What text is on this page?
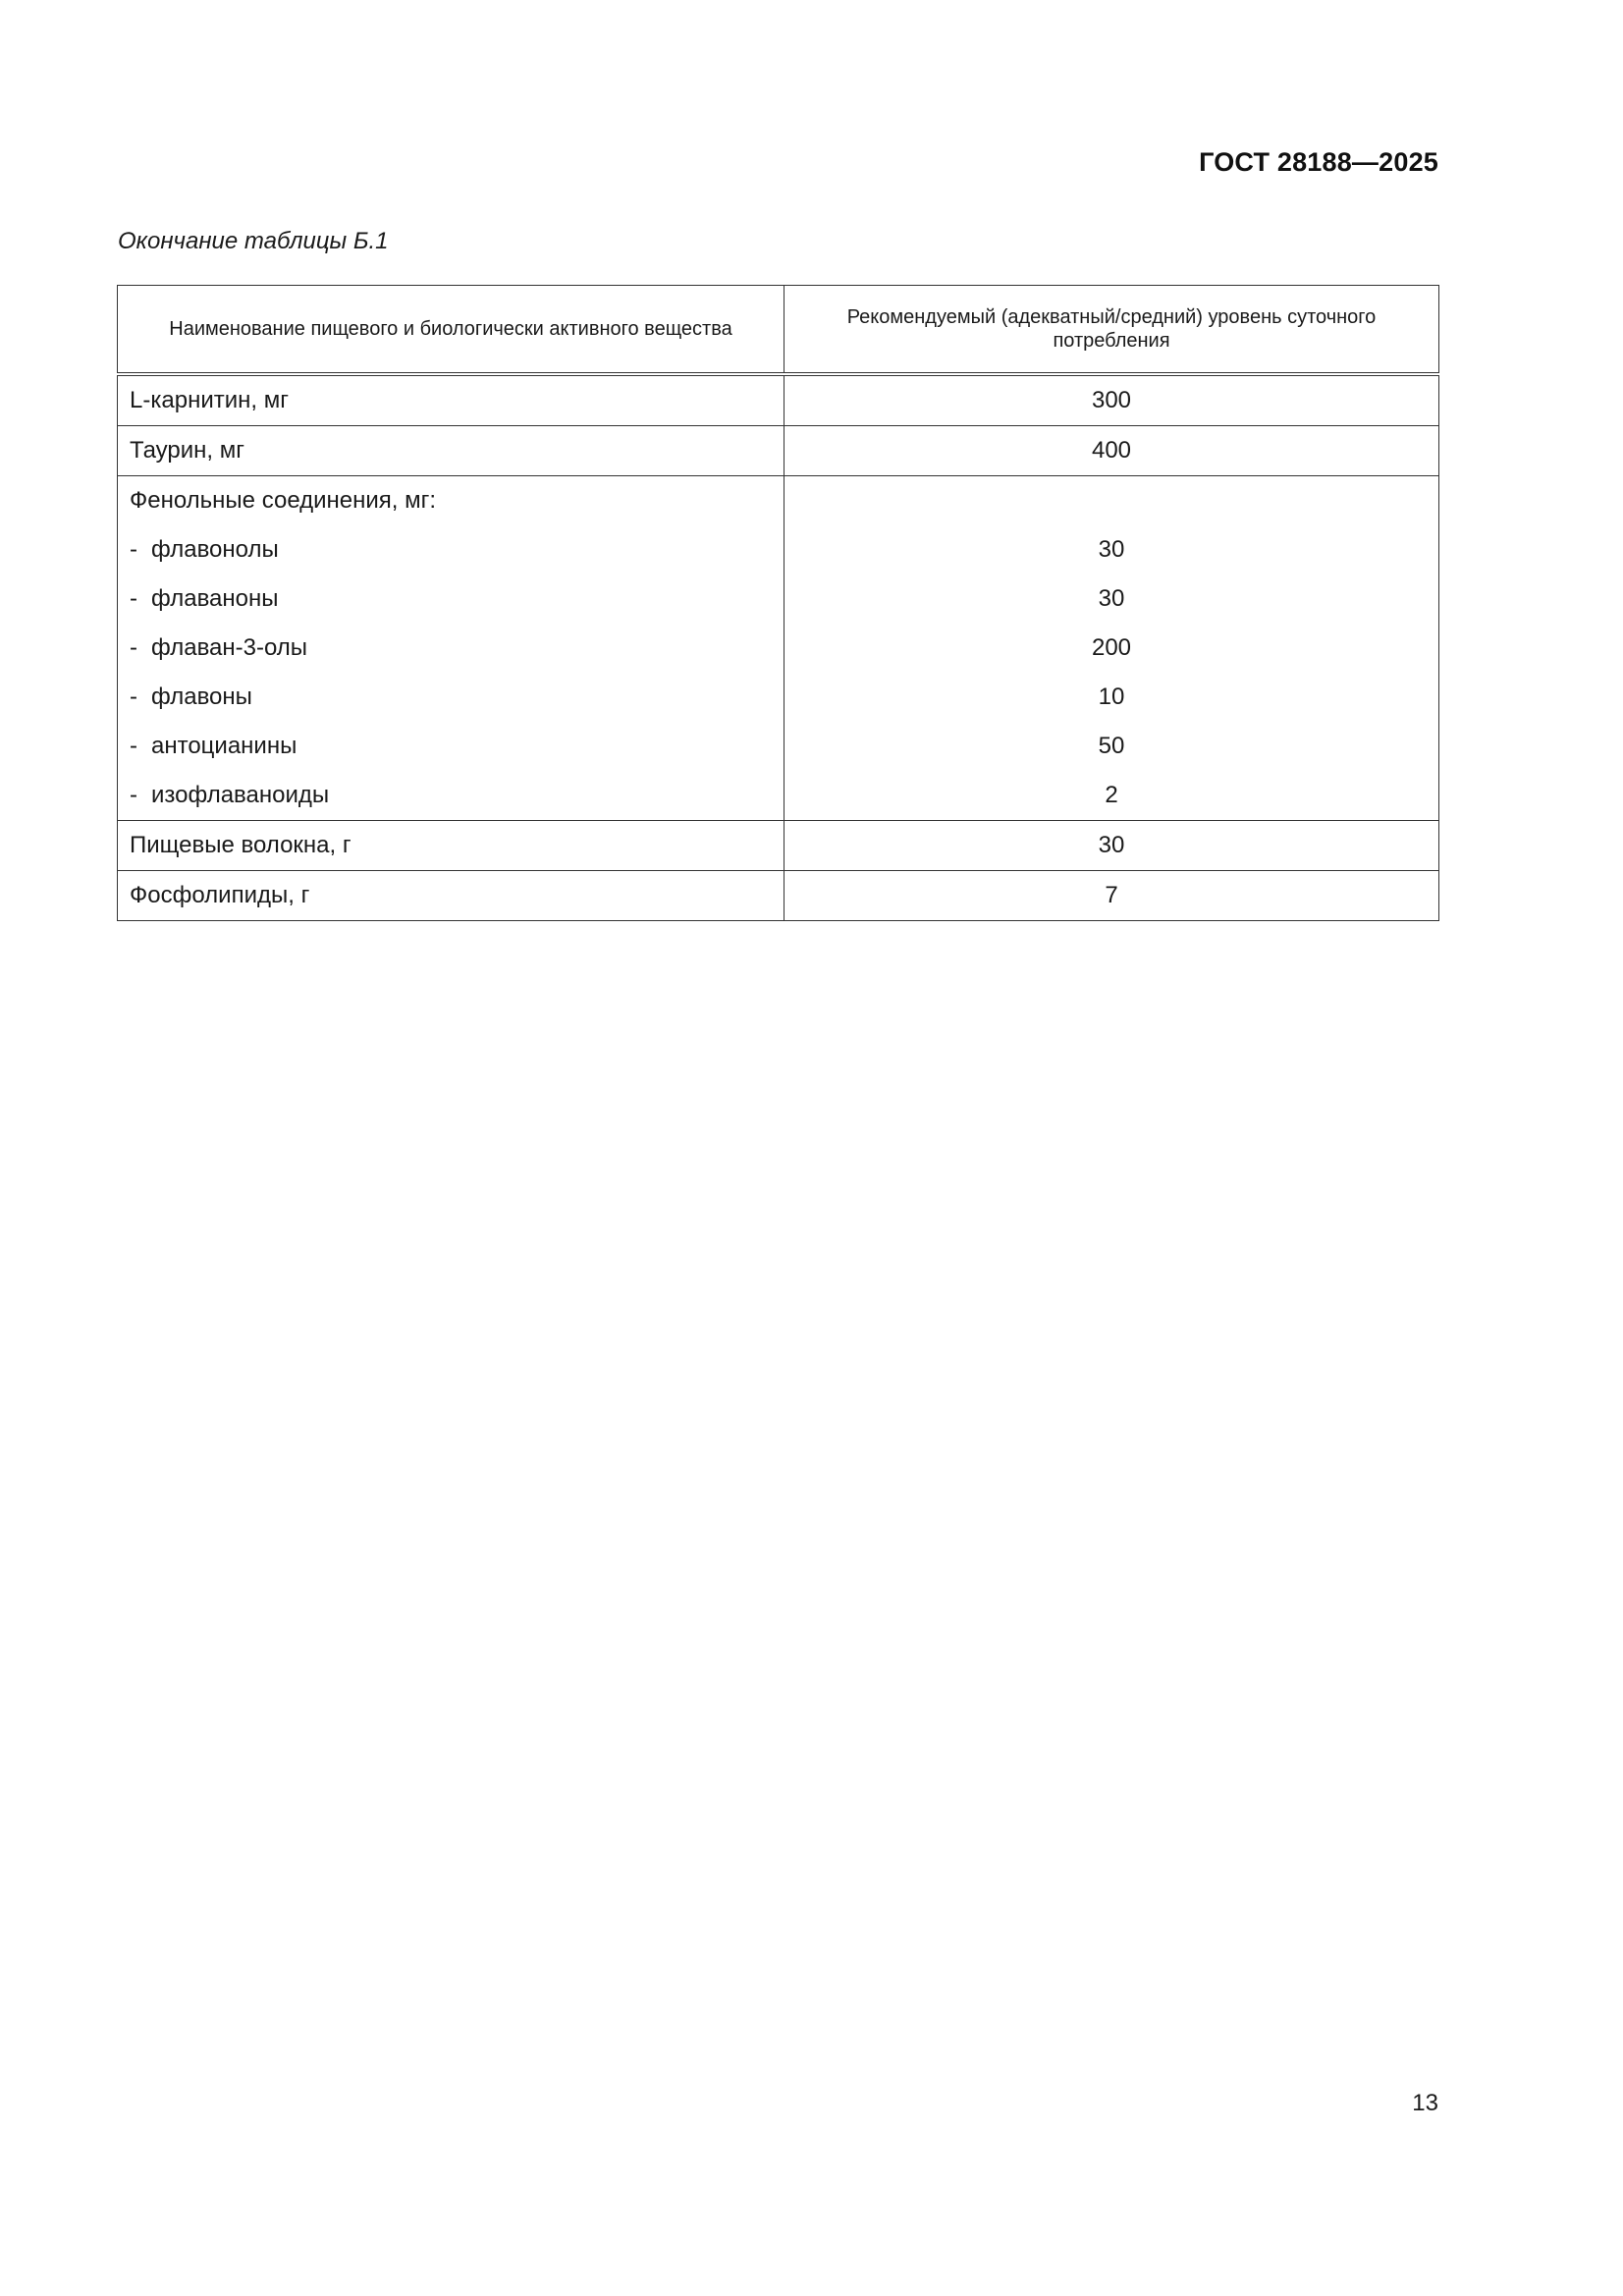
ГОСТ 28188—2025
Окончание таблицы Б.1
Наименование пищевого и биологически активного вещества	Рекомендуемый (адекватный/средний) уровень суточного потребления
L-карнитин, мг	300
Таурин, мг	400
Фенольные соединения, мг:	
- флавонолы	30
- флаваноны	30
- флаван-3-олы	200
- флавоны	10
- антоцианины	50
- изофлаваноиды	2
Пищевые волокна, г	30
Фосфолипиды, г	7
13
